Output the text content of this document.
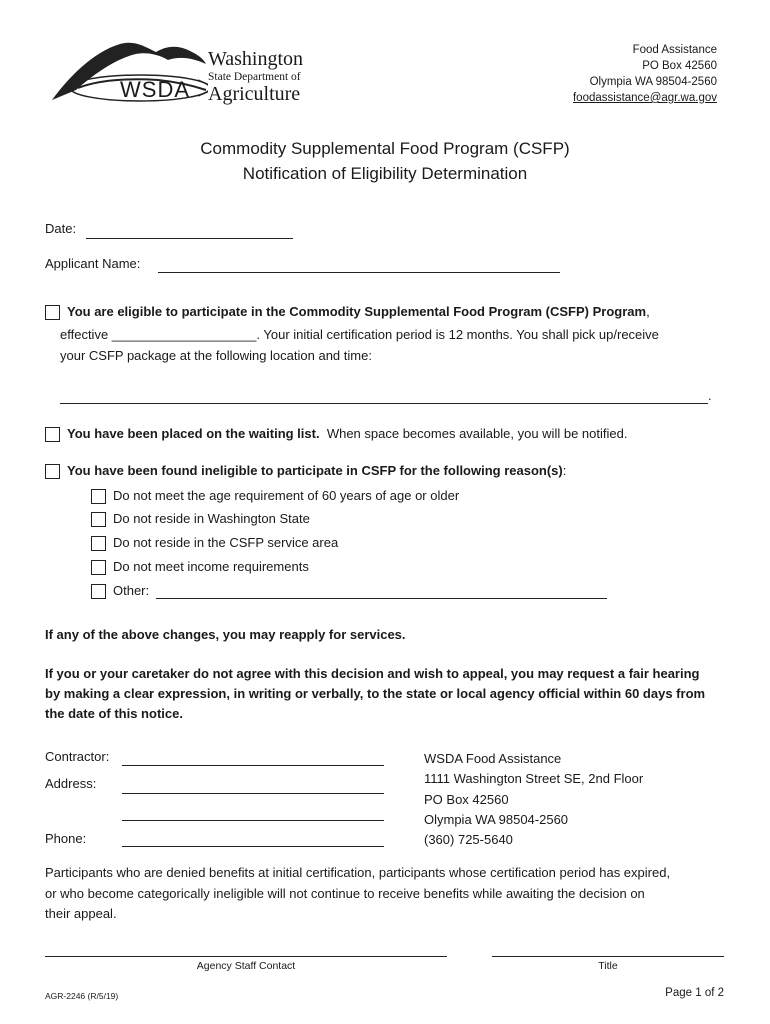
WSDA
Washington
State Department of
Agriculture
Food Assistance
PO Box 42560
Olympia WA 98504-2560
foodassistance@agr.wa.gov
Commodity Supplemental Food Program (CSFP)
Notification of Eligibility Determination
Date:
Applicant Name:
You are eligible to participate in the Commodity Supplemental Food Program (CSFP) Program,
effective ____________________. Your initial certification period is 12 months. You shall pick up/receive
your CSFP package at the following location and time:
.
You have been placed on the waiting list. When space becomes available, you will be notified.
You have been found ineligible to participate in CSFP for the following reason(s):
Do not meet the age requirement of 60 years of age or older
Do not reside in Washington State
Do not reside in the CSFP service area
Do not meet income requirements
Other:
If any of the above changes, you may reapply for services.
If you or your caretaker do not agree with this decision and wish to appeal, you may request a fair hearing
by making a clear expression, in writing or verbally, to the state or local agency official within 60 days from
the date of this notice.
Contractor:
Address:
Phone:
WSDA Food Assistance
1111 Washington Street SE, 2nd Floor
PO Box 42560
Olympia WA 98504-2560
(360) 725-5640
Participants who are denied benefits at initial certification, participants whose certification period has expired,
or who become categorically ineligible will not continue to receive benefits while awaiting the decision on
their appeal.
Agency Staff Contact	Title
AGR-2246 (R/5/19)	Page 1 of 2
